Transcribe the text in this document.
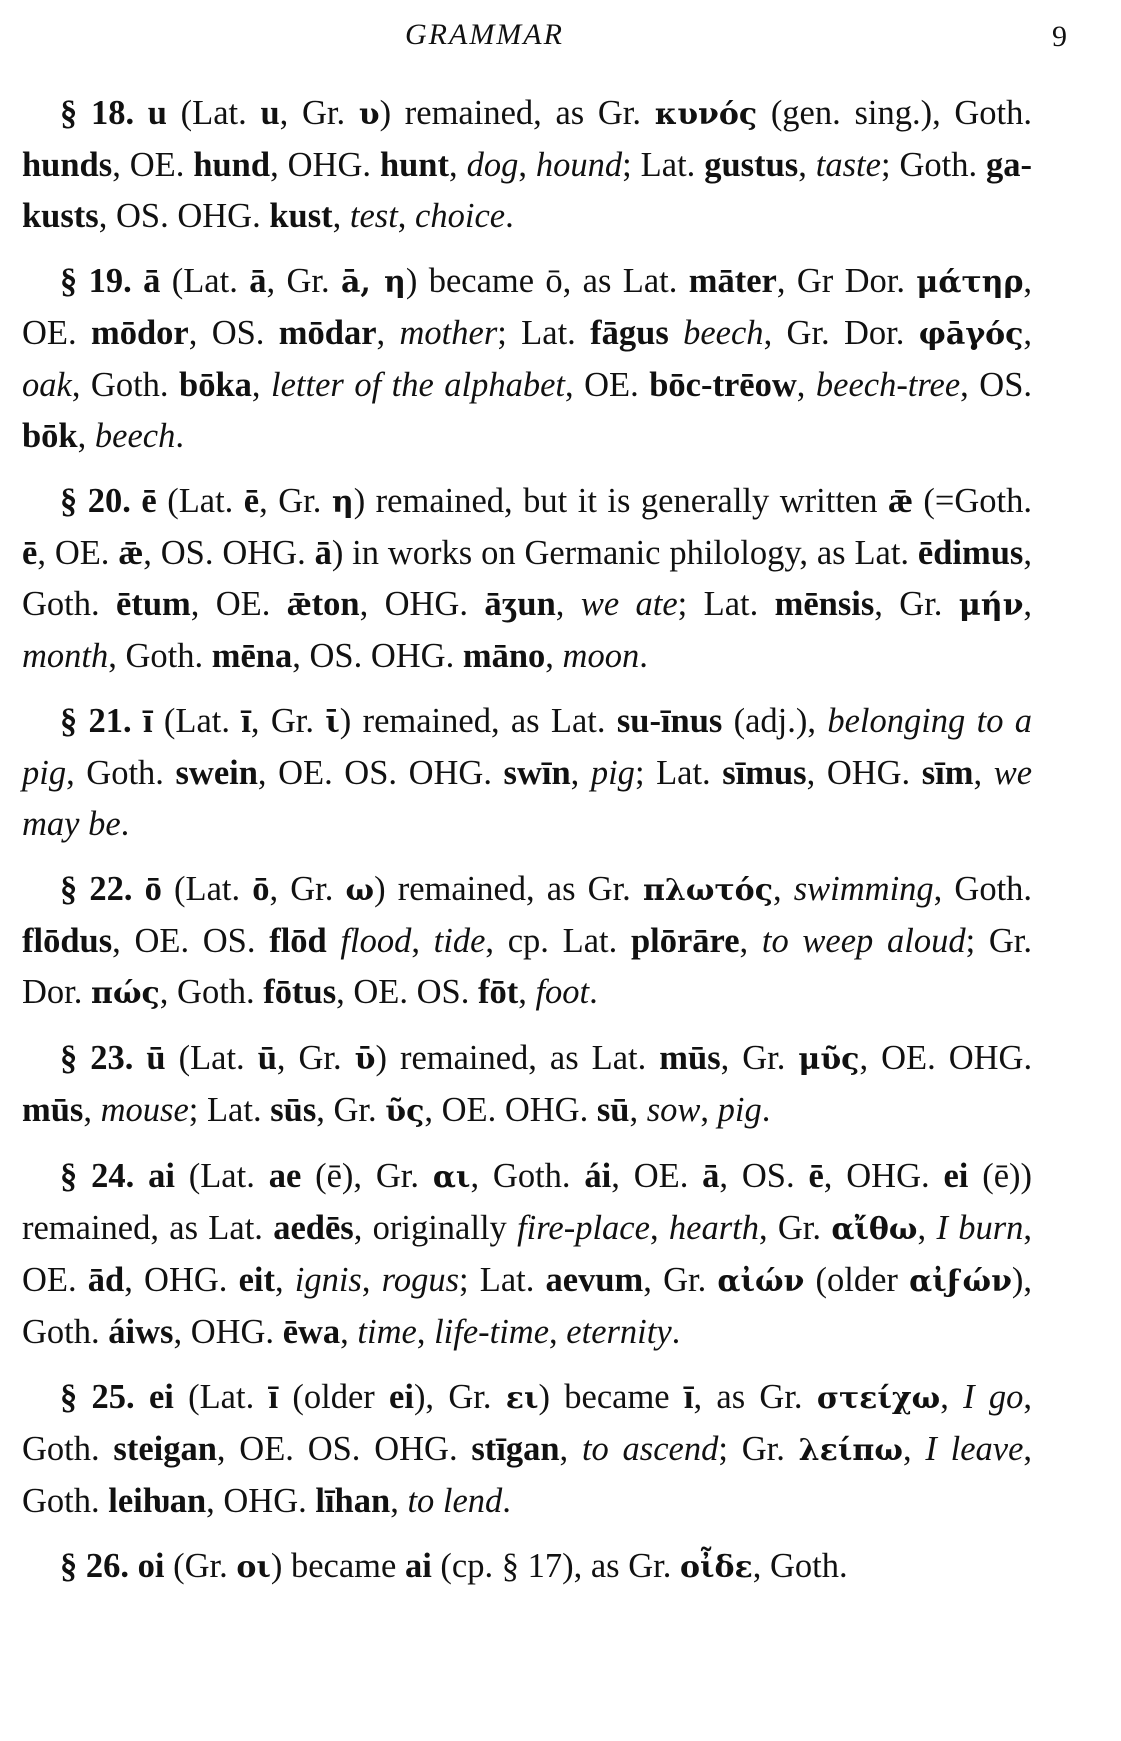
GRAMMAR	9

§ 18. u (Lat. u, Gr. υ) remained, as Gr. κυνός (gen. sing.), Goth. hunds, OE. hund, OHG. hunt, dog, hound; Lat. gustus, taste; Goth. ga-kusts, OS. OHG. kust, test, choice.

§ 19. ā (Lat. ā, Gr. ā, η) became ō, as Lat. māter, Gr Dor. μάτηρ, OE. mōdor, OS. mōdar, mother; Lat. fāgus beech, Gr. Dor. φāγός, oak, Goth. bōka, letter of the alphabet, OE. bōc-trēow, beech-tree, OS. bōk, beech.

§ 20. ē (Lat. ē, Gr. η) remained, but it is generally written ǣ (=Goth. ē, OE. ǣ, OS. OHG. ā) in works on Germanic philology, as Lat. ēdimus, Goth. ētum, OE. ǣton, OHG. āʒun, we ate; Lat. mēnsis, Gr. μήν, month, Goth. mēna, OS. OHG. māno, moon.

§ 21. ī (Lat. ī, Gr. ῑ) remained, as Lat. su-īnus (adj.), belonging to a pig, Goth. swein, OE. OS. OHG. swīn, pig; Lat. sīmus, OHG. sīm, we may be.

§ 22. ō (Lat. ō, Gr. ω) remained, as Gr. πλωτός, swimming, Goth. flōdus, OE. OS. flōd flood, tide, cp. Lat. plōrāre, to weep aloud; Gr. Dor. πώς, Goth. fōtus, OE. OS. fōt, foot.

§ 23. ū (Lat. ū, Gr. ῡ) remained, as Lat. mūs, Gr. μῦς, OE. OHG. mūs, mouse; Lat. sūs, Gr. ῦς, OE. OHG. sū, sow, pig.

§ 24. ai (Lat. ae (ē), Gr. αι, Goth. ái, OE. ā, OS. ē, OHG. ei (ē)) remained, as Lat. aedēs, originally fire-place, hearth, Gr. αἴθω, I burn, OE. ād, OHG. eit, ignis, rogus; Lat. aevum, Gr. αἰών (older αἰϝών), Goth. áiws, OHG. ēwa, time, life-time, eternity.

§ 25. ei (Lat. ī (older ei), Gr. ει) became ī, as Gr. στείχω, I go, Goth. steigan, OE. OS. OHG. stīgan, to ascend; Gr. λείπω, I leave, Goth. leiƕan, OHG. līhan, to lend.

§ 26. oi (Gr. οι) became ai (cp. § 17), as Gr. οἶδε, Goth.
